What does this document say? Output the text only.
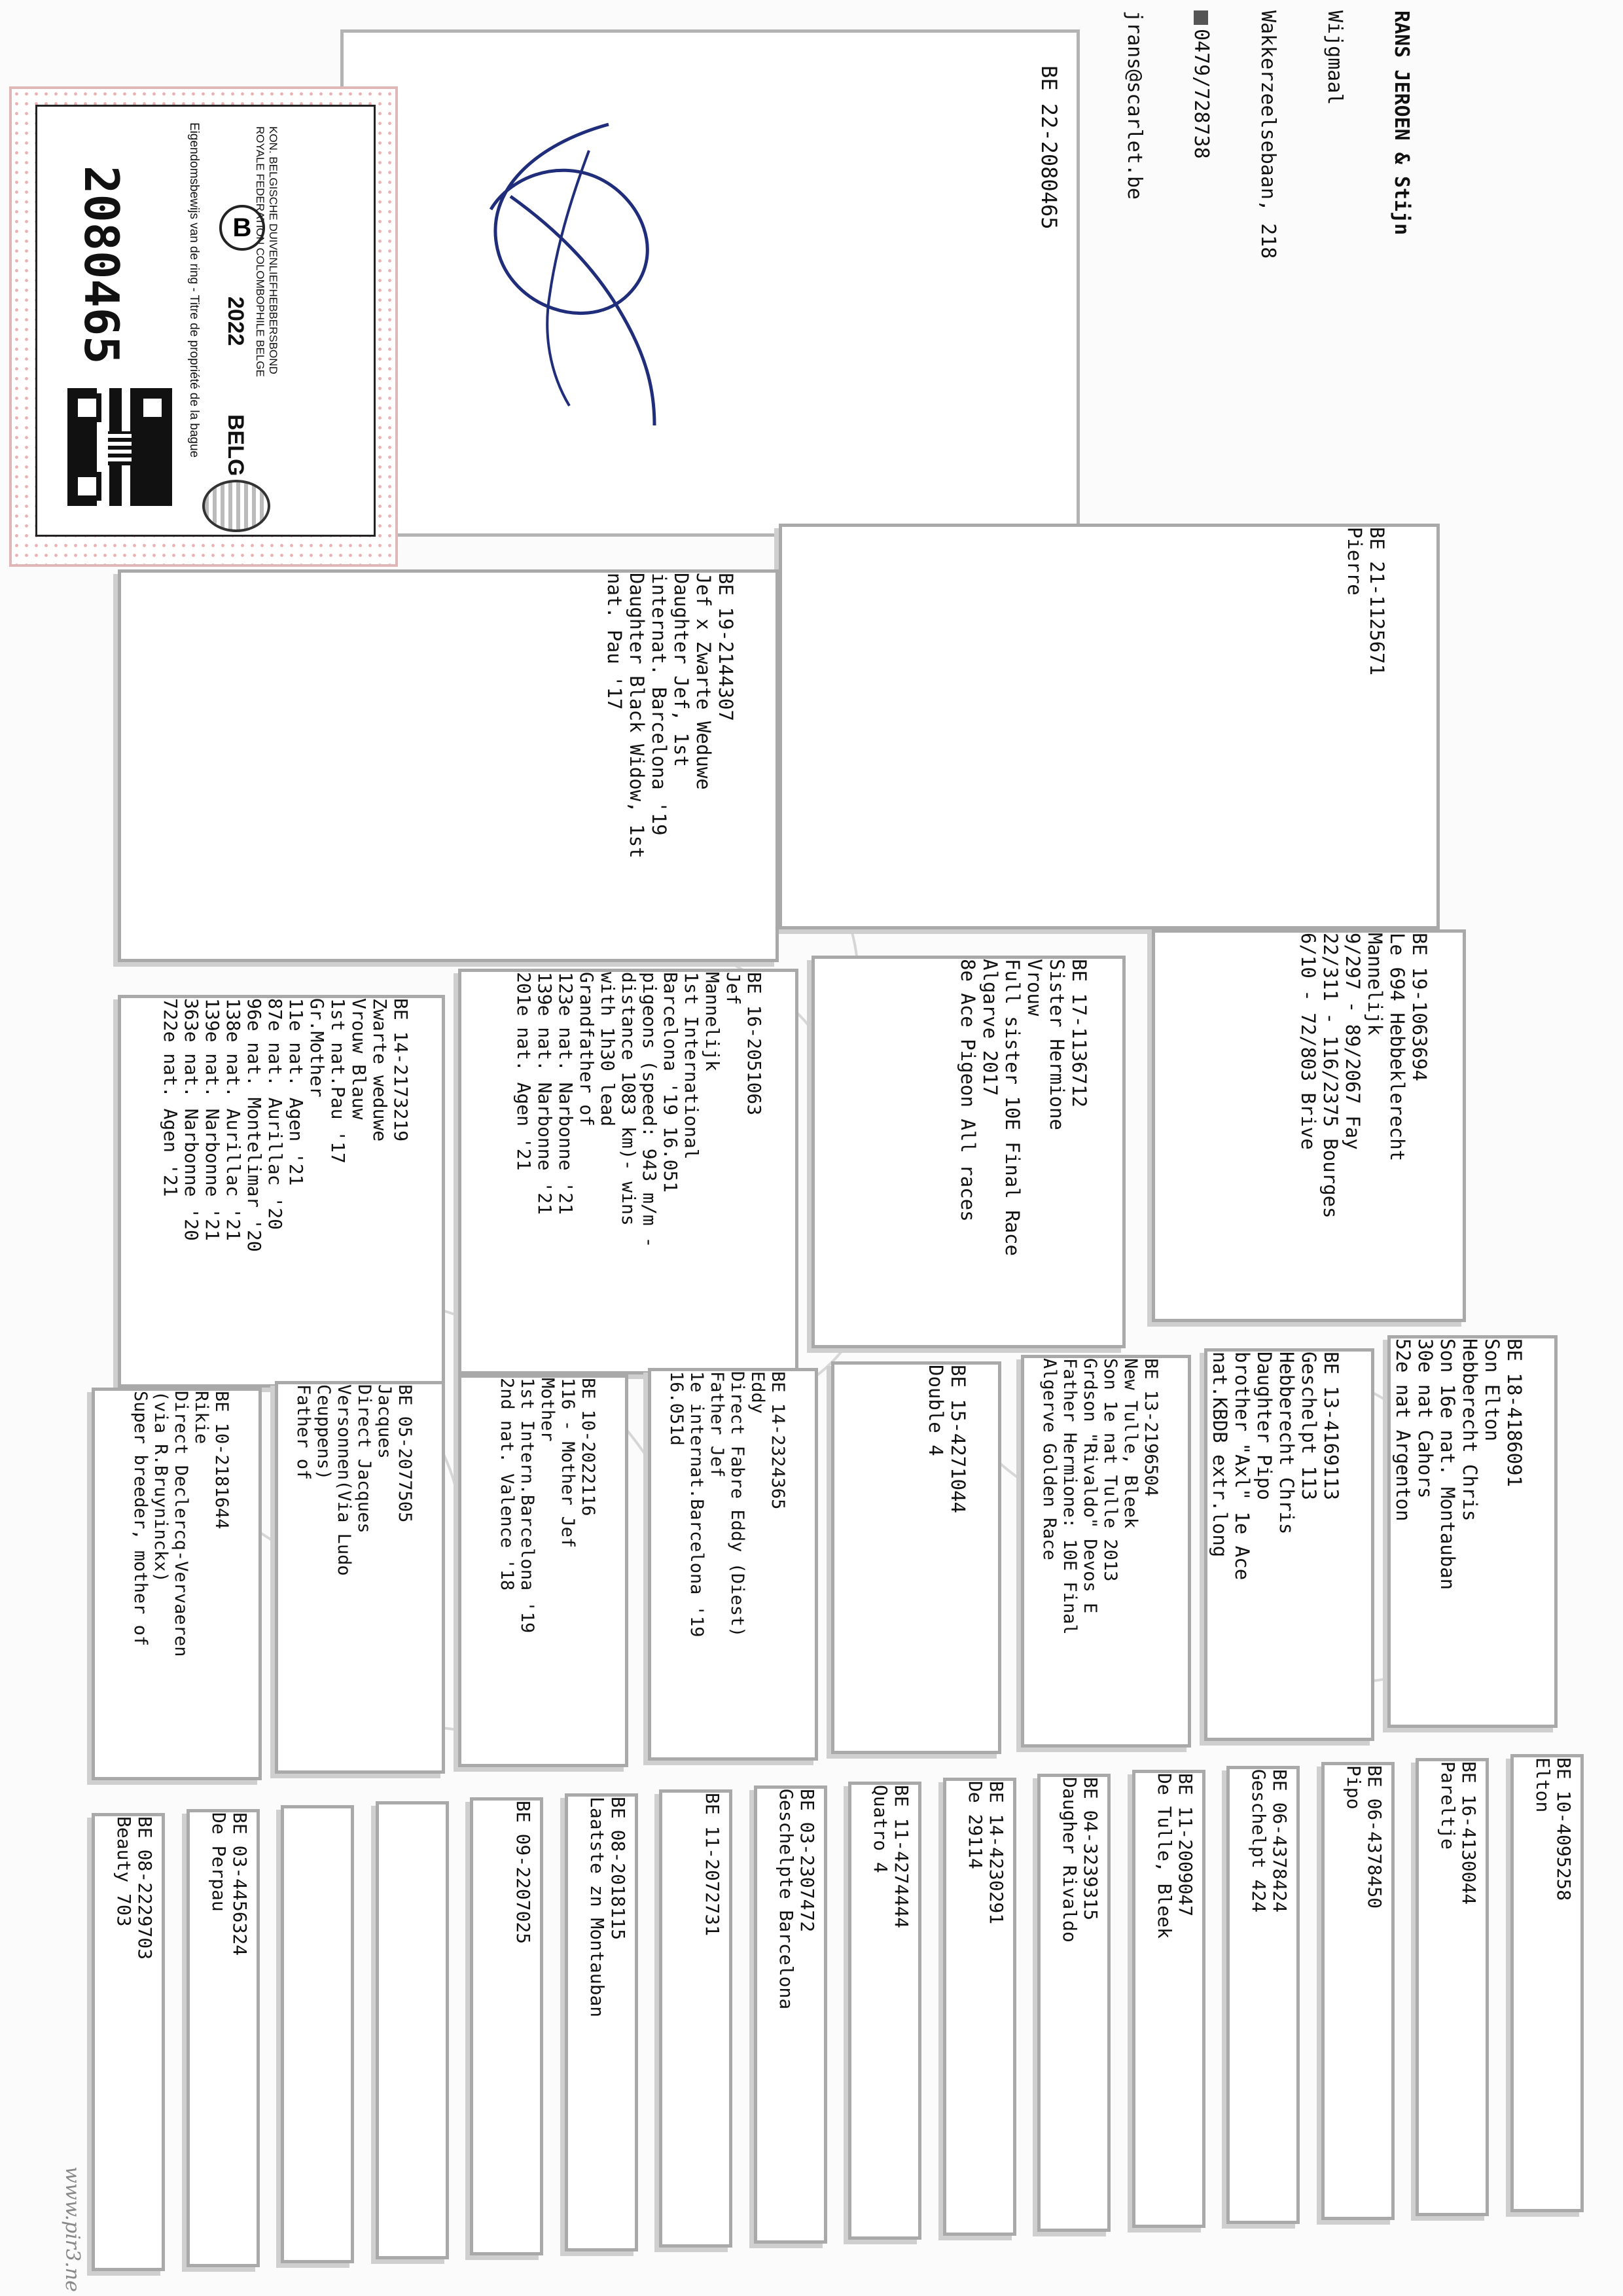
RANS JEROEN & Stijn

Wijgmaal

Wakkerzeelsebaan, 218

0479/728738

jrans@scarlet.be

BE 22-2080465
2080465	KON. BELGISCHE DUIVENLIEFHEBBERSBOND
ROYALE FEDERATION COLOMBOPHILE BELGE
B
2022
BELG
Eigendomsbewijs van de ring - Titre de propriété de la bague

BE 21-1125671
Pierre

BE 19-2144307
Jef x Zwarte Weduwe
Daughter Jef, 1st
internat. Barcelona '19
Daughter Black Widow, 1st
nat. Pau '17

BE 19-1063694
Le 694 Hebbeklerecht
Mannelijk
9/297 - 89/2067 Fay
22/311 - 116/2375 Bourges
6/10 - 72/803 Brive

BE 17-1136712
Sister Hermione
Vrouw
Full sister 10E Final Race
Algarve 2017
8e Ace Pigeon All races

BE 16-2051063
Jef
Mannelijk
1st International
Barcelona '19 16.051
pigeons (speed: 943 m/m -
distance 1083 km)- wins
with 1h30 lead
Grandfather of
123e nat. Narbonne '21
139e nat. Narbonne '21
201e nat. Agen '21

BE 14-2173219
Zwarte weduwe
Vrouw Blauw
1st nat.Pau '17
Gr.Mother
11e nat. Agen '21
87e nat. Aurillac '20
96e nat. Montelimar '20
138e nat. Aurillac '21
139e nat. Narbonne '21
363e nat. Narbonne '20
722e nat. Agen '21

BE 18-4186091
Son Elton
Hebberecht Chris
Son 16e nat. Montauban
30e nat Cahors
52e nat Argenton

BE 13-4169113
Geschelpt 113
Hebberecht Chris
Daughter Pipo
brother "Axl" 1e Ace
nat.KBDB extr.long

BE 13-2196504
New Tulle, Bleek
Son 1e nat Tulle 2013
Grdson "Rivaldo" Devos E
Father Hermione: 10E Final
Algerve Golden Race

BE 15-4271044
Double 4

BE 14-2324365
Eddy
Direct Fabre Eddy (Diest)
Father Jef
1e internat.Barcelona '19
16.051d

BE 10-2022116
116 - Mother Jef
Mother
1st Intern.Barcelona '19
2nd nat. Valence '18

BE 05-2077505
Jacques
Direct Jacques
Versonnen(Via Ludo
Ceuppens)
Father of

BE 10-2181644
Rikie
Direct Declercq-Vervaeren
(via R.Bruyninckx)
Super breeder, mother of
BE 10-4095258
Elton
BE 16-4130044
Pareltje
BE 06-4378450
Pipo
BE 06-4378424
Geschelpt 424
BE 11-2009047
De Tulle, Bleek
BE 04-3239315
Daugher Rivaldo
BE 14-4230291
De 29114
BE 11-4274444
Quatro 4
BE 03-2307472
Geschelpte Barcelona
BE 11-2072731
BE 08-2018115
Laatste zn Montauban
BE 09-2207025
BE 03-4456324
De Perpau
BE 08-2229703
Beauty 703
www.pir3.ne
